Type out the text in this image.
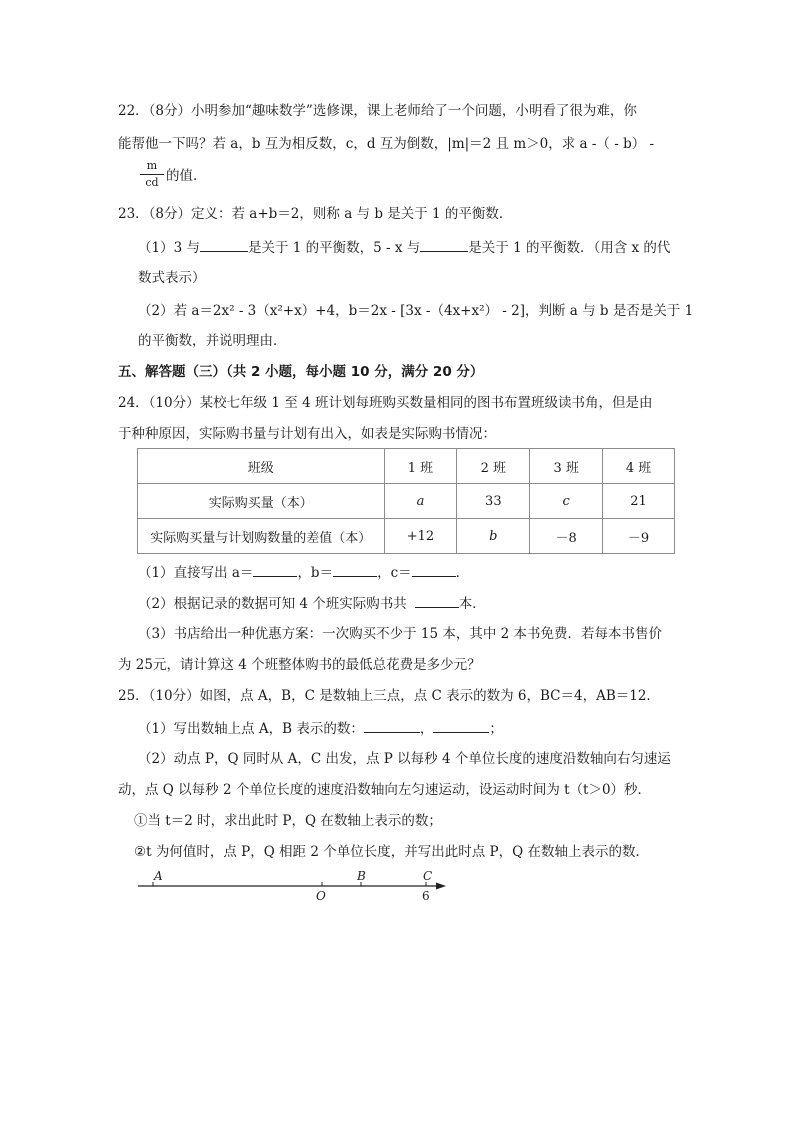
22．（8分）小明参加“趣味数学”选修课，课上老师给了一个问题，小明看了很为难，你
能帮他一下吗？若 a，b 互为相反数，c，d 互为倒数，|m|＝2 且 m＞0，求 a -（ - b） -
m
cd 的值．
23．（8分）定义：若 a+b＝2，则称 a 与 b 是关于 1 的平衡数．
（1）3 与	是关于 1 的平衡数，5 - x 与	是关于 1 的平衡数．（用含 x 的代
数式表示）
（2）若 a＝2x² - 3（x²+x）+4，b＝2x - [3x -（4x+x²） - 2]，判断 a 与 b 是否是关于 1
的平衡数，并说明理由．
五、解答题（三）（共 2 小题，每小题 10 分，满分 20 分）
24．（10分）某校七年级 1 至 4 班计划每班购买数量相同的图书布置班级读书角，但是由
于种种原因，实际购书量与计划有出入，如表是实际购书情况：
班级	1 班	2 班	3 班	4 班
实际购买量（本）	a	33	c	21
实际购买量与计划购数量的差值（本）	+12	b	－8	－9
（1）直接写出 a＝	，b＝	，c＝	．
（2）根据记录的数据可知 4 个班实际购书共	本．
（3）书店给出一种优惠方案：一次购买不少于 15 本，其中 2 本书免费．若每本书售价
为 25元，请计算这 4 个班整体购书的最低总花费是多少元？
25．（10分）如图，点 A，B，C 是数轴上三点，点 C 表示的数为 6，BC＝4，AB＝12．
（1）写出数轴上点 A，B 表示的数：	，	；
（2）动点 P，Q 同时从 A，C 出发，点 P 以每秒 4 个单位长度的速度沿数轴向右匀速运
动，点 Q 以每秒 2 个单位长度的速度沿数轴向左匀速运动，设运动时间为 t（t＞0）秒．
①当 t＝2 时，求出此时 P，Q 在数轴上表示的数；
②t 为何值时，点 P，Q 相距 2 个单位长度，并写出此时点 P，Q 在数轴上表示的数．
A
O
B	C
6
